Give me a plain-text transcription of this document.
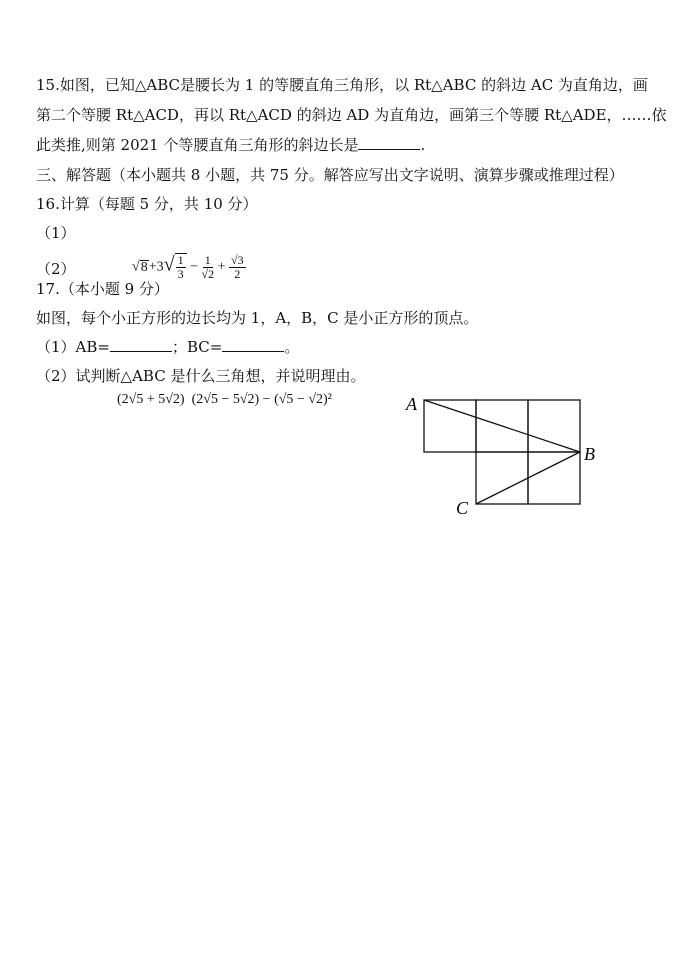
15.如图，已知△ABC是腰长为 1 的等腰直角三角形，以 Rt△ABC 的斜边 AC 为直角边，画
第二个等腰 Rt△ACD，再以 Rt△ACD 的斜边 AD 为直角边，画第三个等腰 Rt△ADE，……依
此类推,则第 2021 个等腰直角三角形的斜边长是	.
三、解答题（本小题共 8 小题，共 75 分。解答应写出文字说明、演算步骤或推理过程）
16.计算（每题 5 分，共 10 分）
（1）
（2）	$√8+3√ \frac{1}{3} - \frac{1}{√2} + \frac{√3}{2}$
17.（本小题 9 分）
如图，每个小正方形的边长均为 1，A，B，C 是小正方形的顶点。
（1）AB=	；BC=	。
（2）试判断△ABC 是什么三角想，并说明理由。
(2√5 + 5√2) (2√5 − 5√2) − (√5 − √2)²	A
B
C
